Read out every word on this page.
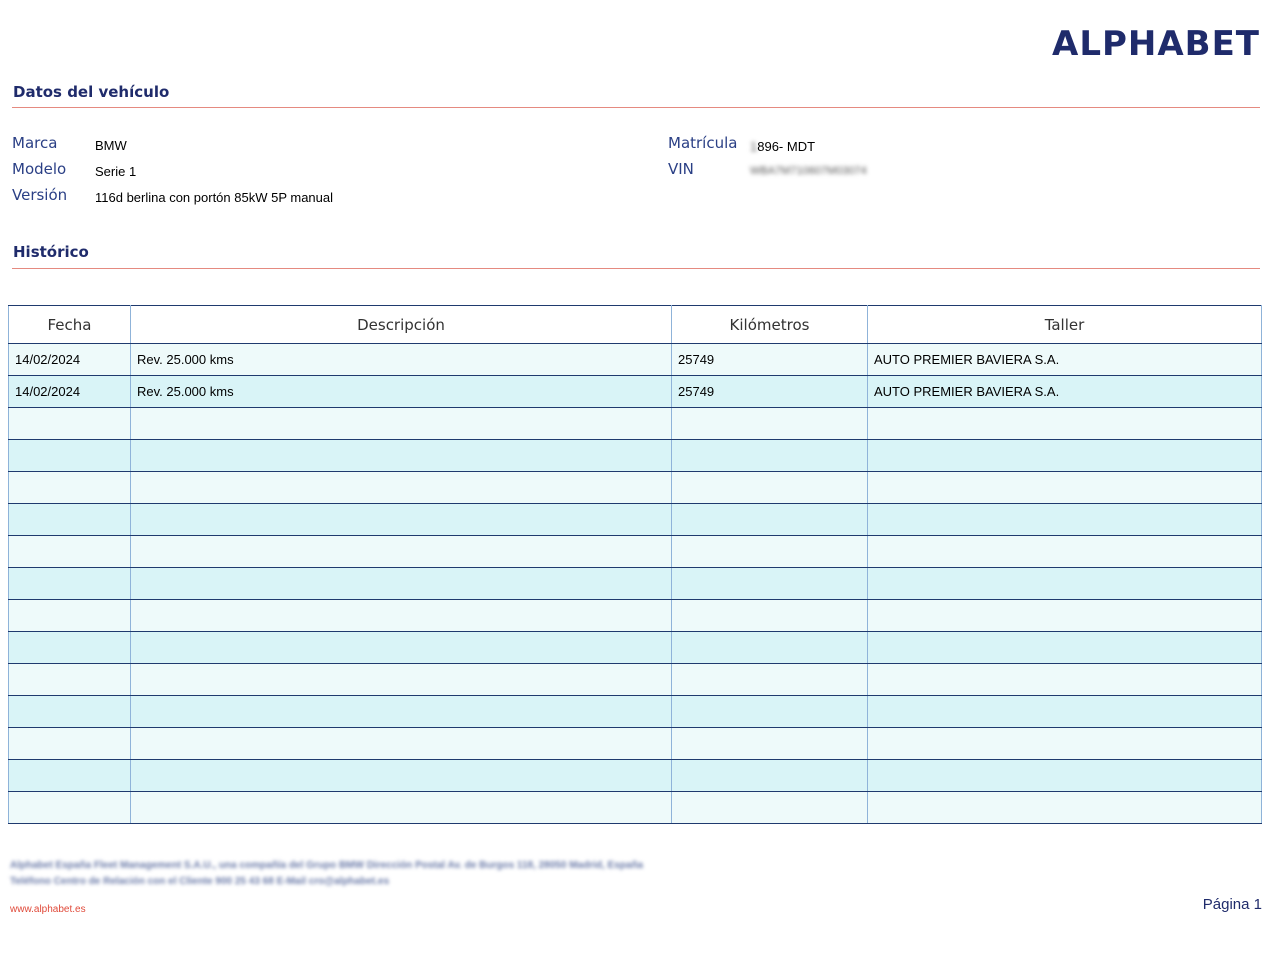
ALPHABET
Datos del vehículo
Marca	BMW
Modelo Serie 1
Versión 116d berlina con portón 85kW 5P manual
Matrícula 1896- MDT
VIN	WBA7M710607M03074
Histórico
Fecha	Descripción	Kilómetros	Taller
14/02/2024	Rev. 25.000 kms	25749	AUTO PREMIER BAVIERA S.A.
14/02/2024	Rev. 25.000 kms	25749	AUTO PREMIER BAVIERA S.A.

Alphabet España Fleet Management S.A.U., una compañía del Grupo BMW Dirección Postal Av. de Burgos 118, 28050 Madrid, España
Teléfono Centro de Relación con el Cliente 900 25 43 68 E-Mail cro@alphabet.es
www.alphabet.es	Página 1
